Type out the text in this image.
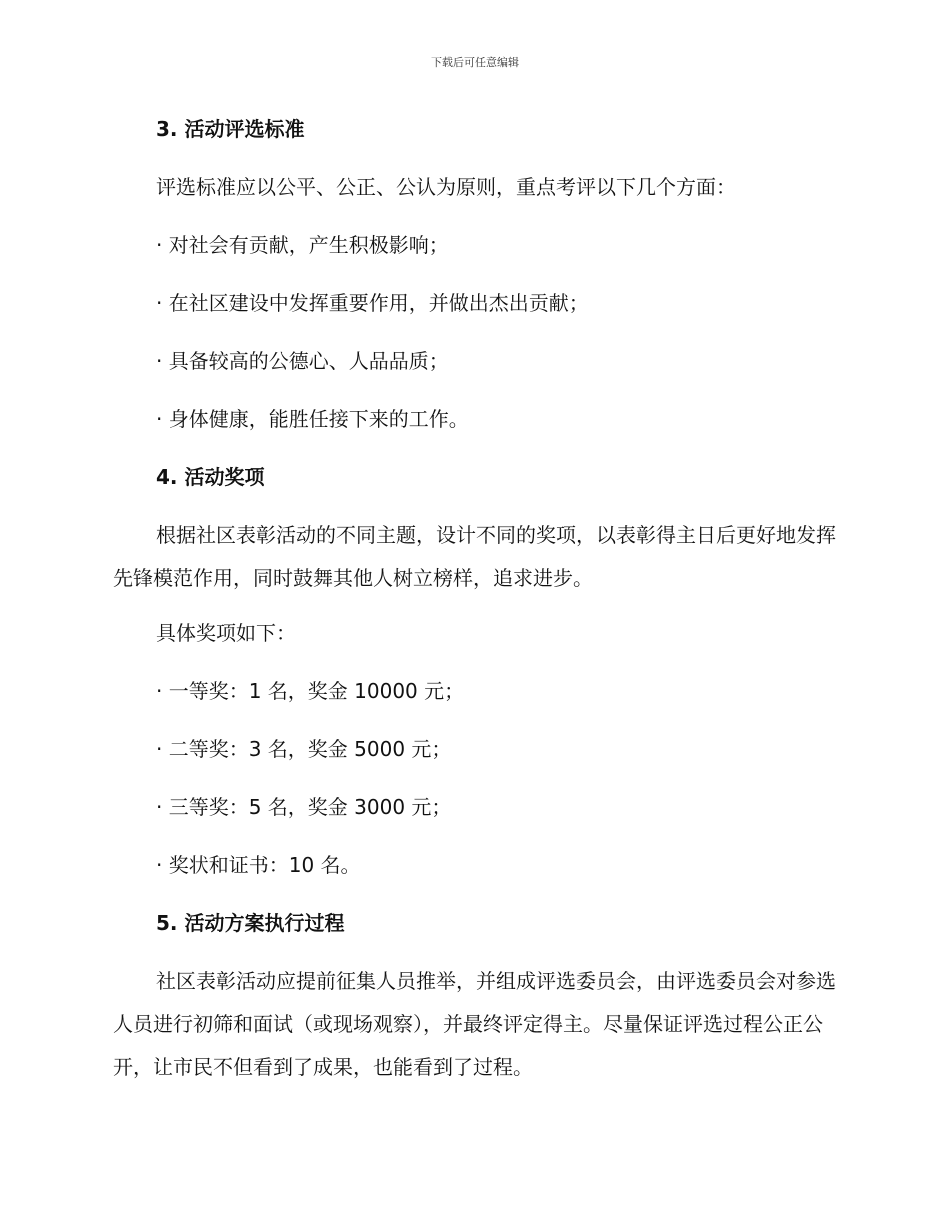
下载后可任意编辑
3. 活动评选标准
评选标准应以公平、公正、公认为原则，重点考评以下几个方面：
· 对社会有贡献，产生积极影响；
· 在社区建设中发挥重要作用，并做出杰出贡献；
· 具备较高的公德心、人品品质；
· 身体健康，能胜任接下来的工作。
4. 活动奖项
根据社区表彰活动的不同主题，设计不同的奖项，以表彰得主日后更好地发挥先锋模范作用，同时鼓舞其他人树立榜样，追求进步。
具体奖项如下：
· 一等奖：1 名，奖金 10000 元；
· 二等奖：3 名，奖金 5000 元；
· 三等奖：5 名，奖金 3000 元；
· 奖状和证书：10 名。
5. 活动方案执行过程
社区表彰活动应提前征集人员推举，并组成评选委员会，由评选委员会对参选人员进行初筛和面试（或现场观察），并最终评定得主。尽量保证评选过程公正公开，让市民不但看到了成果，也能看到了过程。
